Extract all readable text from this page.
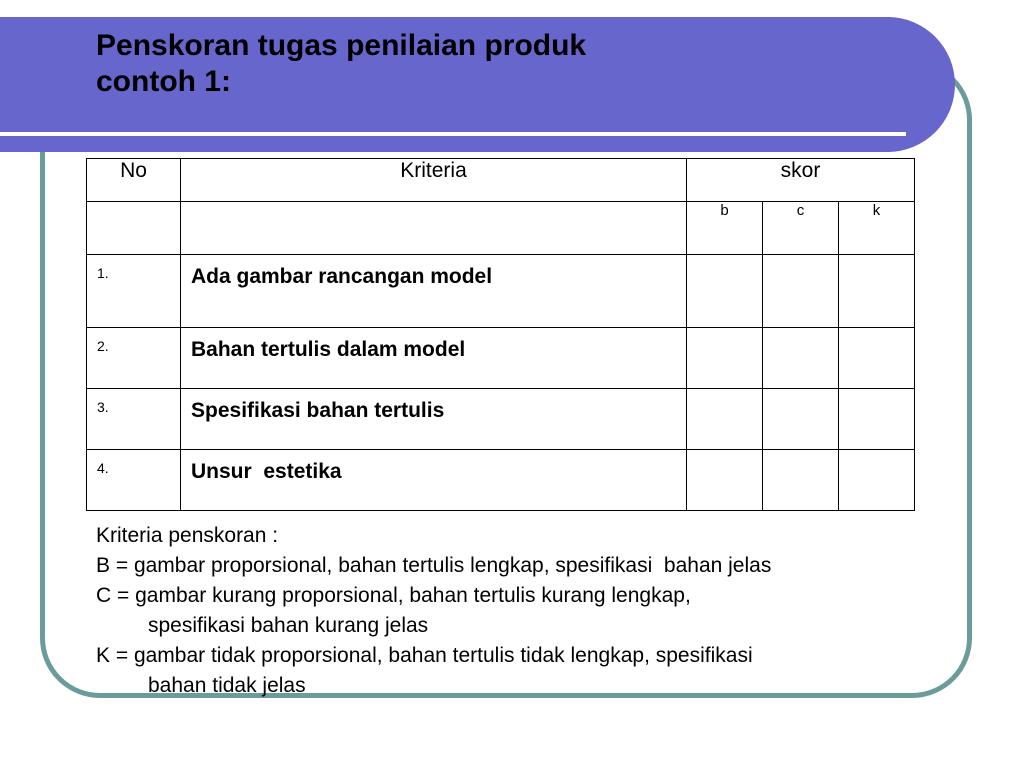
Penskoran tugas penilaian produk
contoh 1:
No	Kriteria	skor		
		b	c	k
1.	Ada gambar rancangan model			
2.	Bahan tertulis dalam model			
3.	Spesifikasi bahan tertulis			
4.	Unsur  estetika			
Kriteria penskoran :
B = gambar proporsional, bahan tertulis lengkap, spesifikasi  bahan jelas
C = gambar kurang proporsional, bahan tertulis kurang lengkap,
spesifikasi bahan kurang jelas
K = gambar tidak proporsional, bahan tertulis tidak lengkap, spesifikasi
bahan tidak jelas
